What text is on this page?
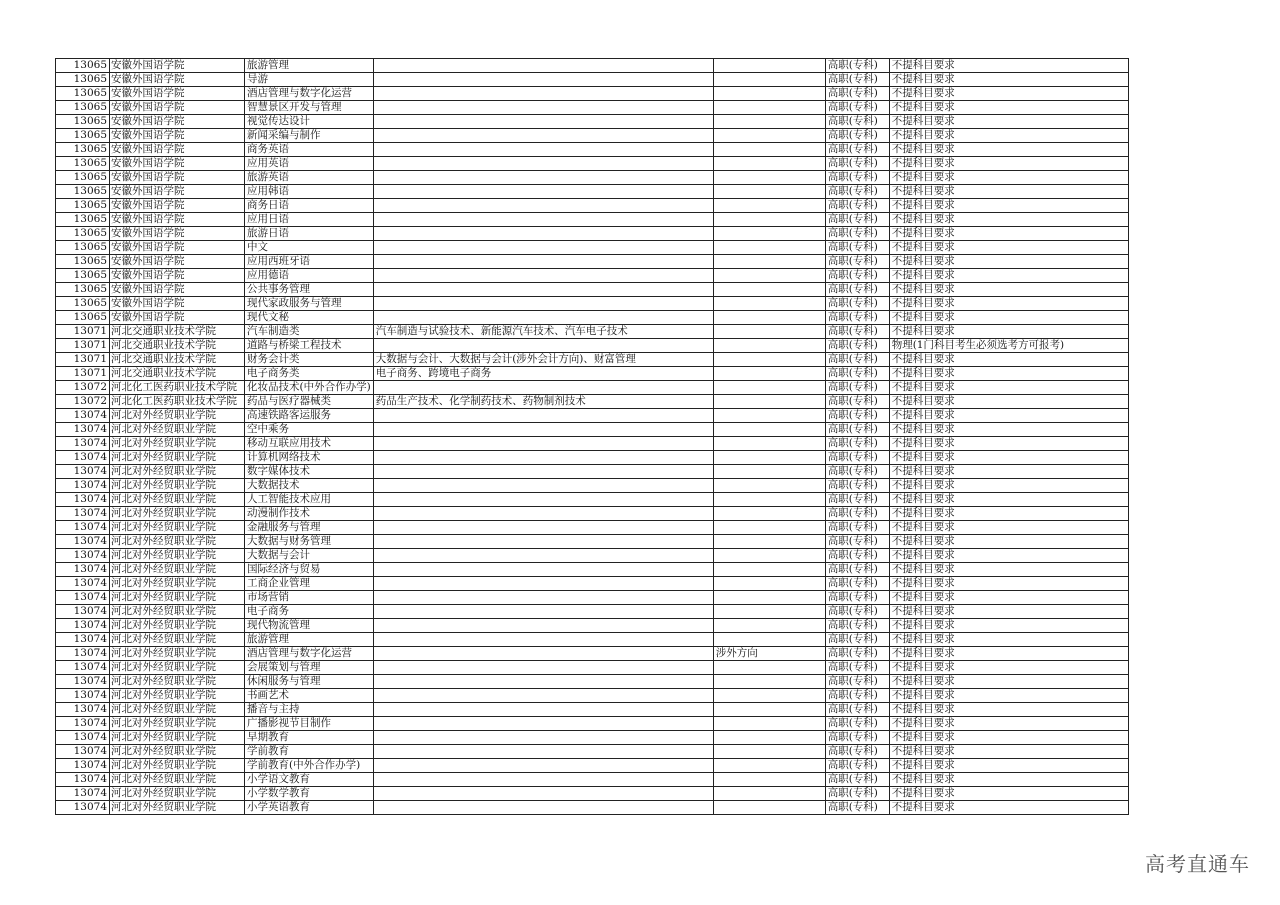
13065	安徽外国语学院	旅游管理			高职(专科)	不提科目要求
13065	安徽外国语学院	导游			高职(专科)	不提科目要求
13065	安徽外国语学院	酒店管理与数字化运营			高职(专科)	不提科目要求
13065	安徽外国语学院	智慧景区开发与管理			高职(专科)	不提科目要求
13065	安徽外国语学院	视觉传达设计			高职(专科)	不提科目要求
13065	安徽外国语学院	新闻采编与制作			高职(专科)	不提科目要求
13065	安徽外国语学院	商务英语			高职(专科)	不提科目要求
13065	安徽外国语学院	应用英语			高职(专科)	不提科目要求
13065	安徽外国语学院	旅游英语			高职(专科)	不提科目要求
13065	安徽外国语学院	应用韩语			高职(专科)	不提科目要求
13065	安徽外国语学院	商务日语			高职(专科)	不提科目要求
13065	安徽外国语学院	应用日语			高职(专科)	不提科目要求
13065	安徽外国语学院	旅游日语			高职(专科)	不提科目要求
13065	安徽外国语学院	中文			高职(专科)	不提科目要求
13065	安徽外国语学院	应用西班牙语			高职(专科)	不提科目要求
13065	安徽外国语学院	应用德语			高职(专科)	不提科目要求
13065	安徽外国语学院	公共事务管理			高职(专科)	不提科目要求
13065	安徽外国语学院	现代家政服务与管理			高职(专科)	不提科目要求
13065	安徽外国语学院	现代文秘			高职(专科)	不提科目要求
13071	河北交通职业技术学院	汽车制造类	汽车制造与试验技术、新能源汽车技术、汽车电子技术		高职(专科)	不提科目要求
13071	河北交通职业技术学院	道路与桥梁工程技术			高职(专科)	物理(1门科目考生必须选考方可报考)
13071	河北交通职业技术学院	财务会计类	大数据与会计、大数据与会计(涉外会计方向)、财富管理		高职(专科)	不提科目要求
13071	河北交通职业技术学院	电子商务类	电子商务、跨境电子商务		高职(专科)	不提科目要求
13072	河北化工医药职业技术学院	化妆品技术(中外合作办学)			高职(专科)	不提科目要求
13072	河北化工医药职业技术学院	药品与医疗器械类	药品生产技术、化学制药技术、药物制剂技术		高职(专科)	不提科目要求
13074	河北对外经贸职业学院	高速铁路客运服务			高职(专科)	不提科目要求
13074	河北对外经贸职业学院	空中乘务			高职(专科)	不提科目要求
13074	河北对外经贸职业学院	移动互联应用技术			高职(专科)	不提科目要求
13074	河北对外经贸职业学院	计算机网络技术			高职(专科)	不提科目要求
13074	河北对外经贸职业学院	数字媒体技术			高职(专科)	不提科目要求
13074	河北对外经贸职业学院	大数据技术			高职(专科)	不提科目要求
13074	河北对外经贸职业学院	人工智能技术应用			高职(专科)	不提科目要求
13074	河北对外经贸职业学院	动漫制作技术			高职(专科)	不提科目要求
13074	河北对外经贸职业学院	金融服务与管理			高职(专科)	不提科目要求
13074	河北对外经贸职业学院	大数据与财务管理			高职(专科)	不提科目要求
13074	河北对外经贸职业学院	大数据与会计			高职(专科)	不提科目要求
13074	河北对外经贸职业学院	国际经济与贸易			高职(专科)	不提科目要求
13074	河北对外经贸职业学院	工商企业管理			高职(专科)	不提科目要求
13074	河北对外经贸职业学院	市场营销			高职(专科)	不提科目要求
13074	河北对外经贸职业学院	电子商务			高职(专科)	不提科目要求
13074	河北对外经贸职业学院	现代物流管理			高职(专科)	不提科目要求
13074	河北对外经贸职业学院	旅游管理			高职(专科)	不提科目要求
13074	河北对外经贸职业学院	酒店管理与数字化运营		涉外方向	高职(专科)	不提科目要求
13074	河北对外经贸职业学院	会展策划与管理			高职(专科)	不提科目要求
13074	河北对外经贸职业学院	休闲服务与管理			高职(专科)	不提科目要求
13074	河北对外经贸职业学院	书画艺术			高职(专科)	不提科目要求
13074	河北对外经贸职业学院	播音与主持			高职(专科)	不提科目要求
13074	河北对外经贸职业学院	广播影视节目制作			高职(专科)	不提科目要求
13074	河北对外经贸职业学院	早期教育			高职(专科)	不提科目要求
13074	河北对外经贸职业学院	学前教育			高职(专科)	不提科目要求
13074	河北对外经贸职业学院	学前教育(中外合作办学)			高职(专科)	不提科目要求
13074	河北对外经贸职业学院	小学语文教育			高职(专科)	不提科目要求
13074	河北对外经贸职业学院	小学数学教育			高职(专科)	不提科目要求
13074	河北对外经贸职业学院	小学英语教育			高职(专科)	不提科目要求
高考直通车
